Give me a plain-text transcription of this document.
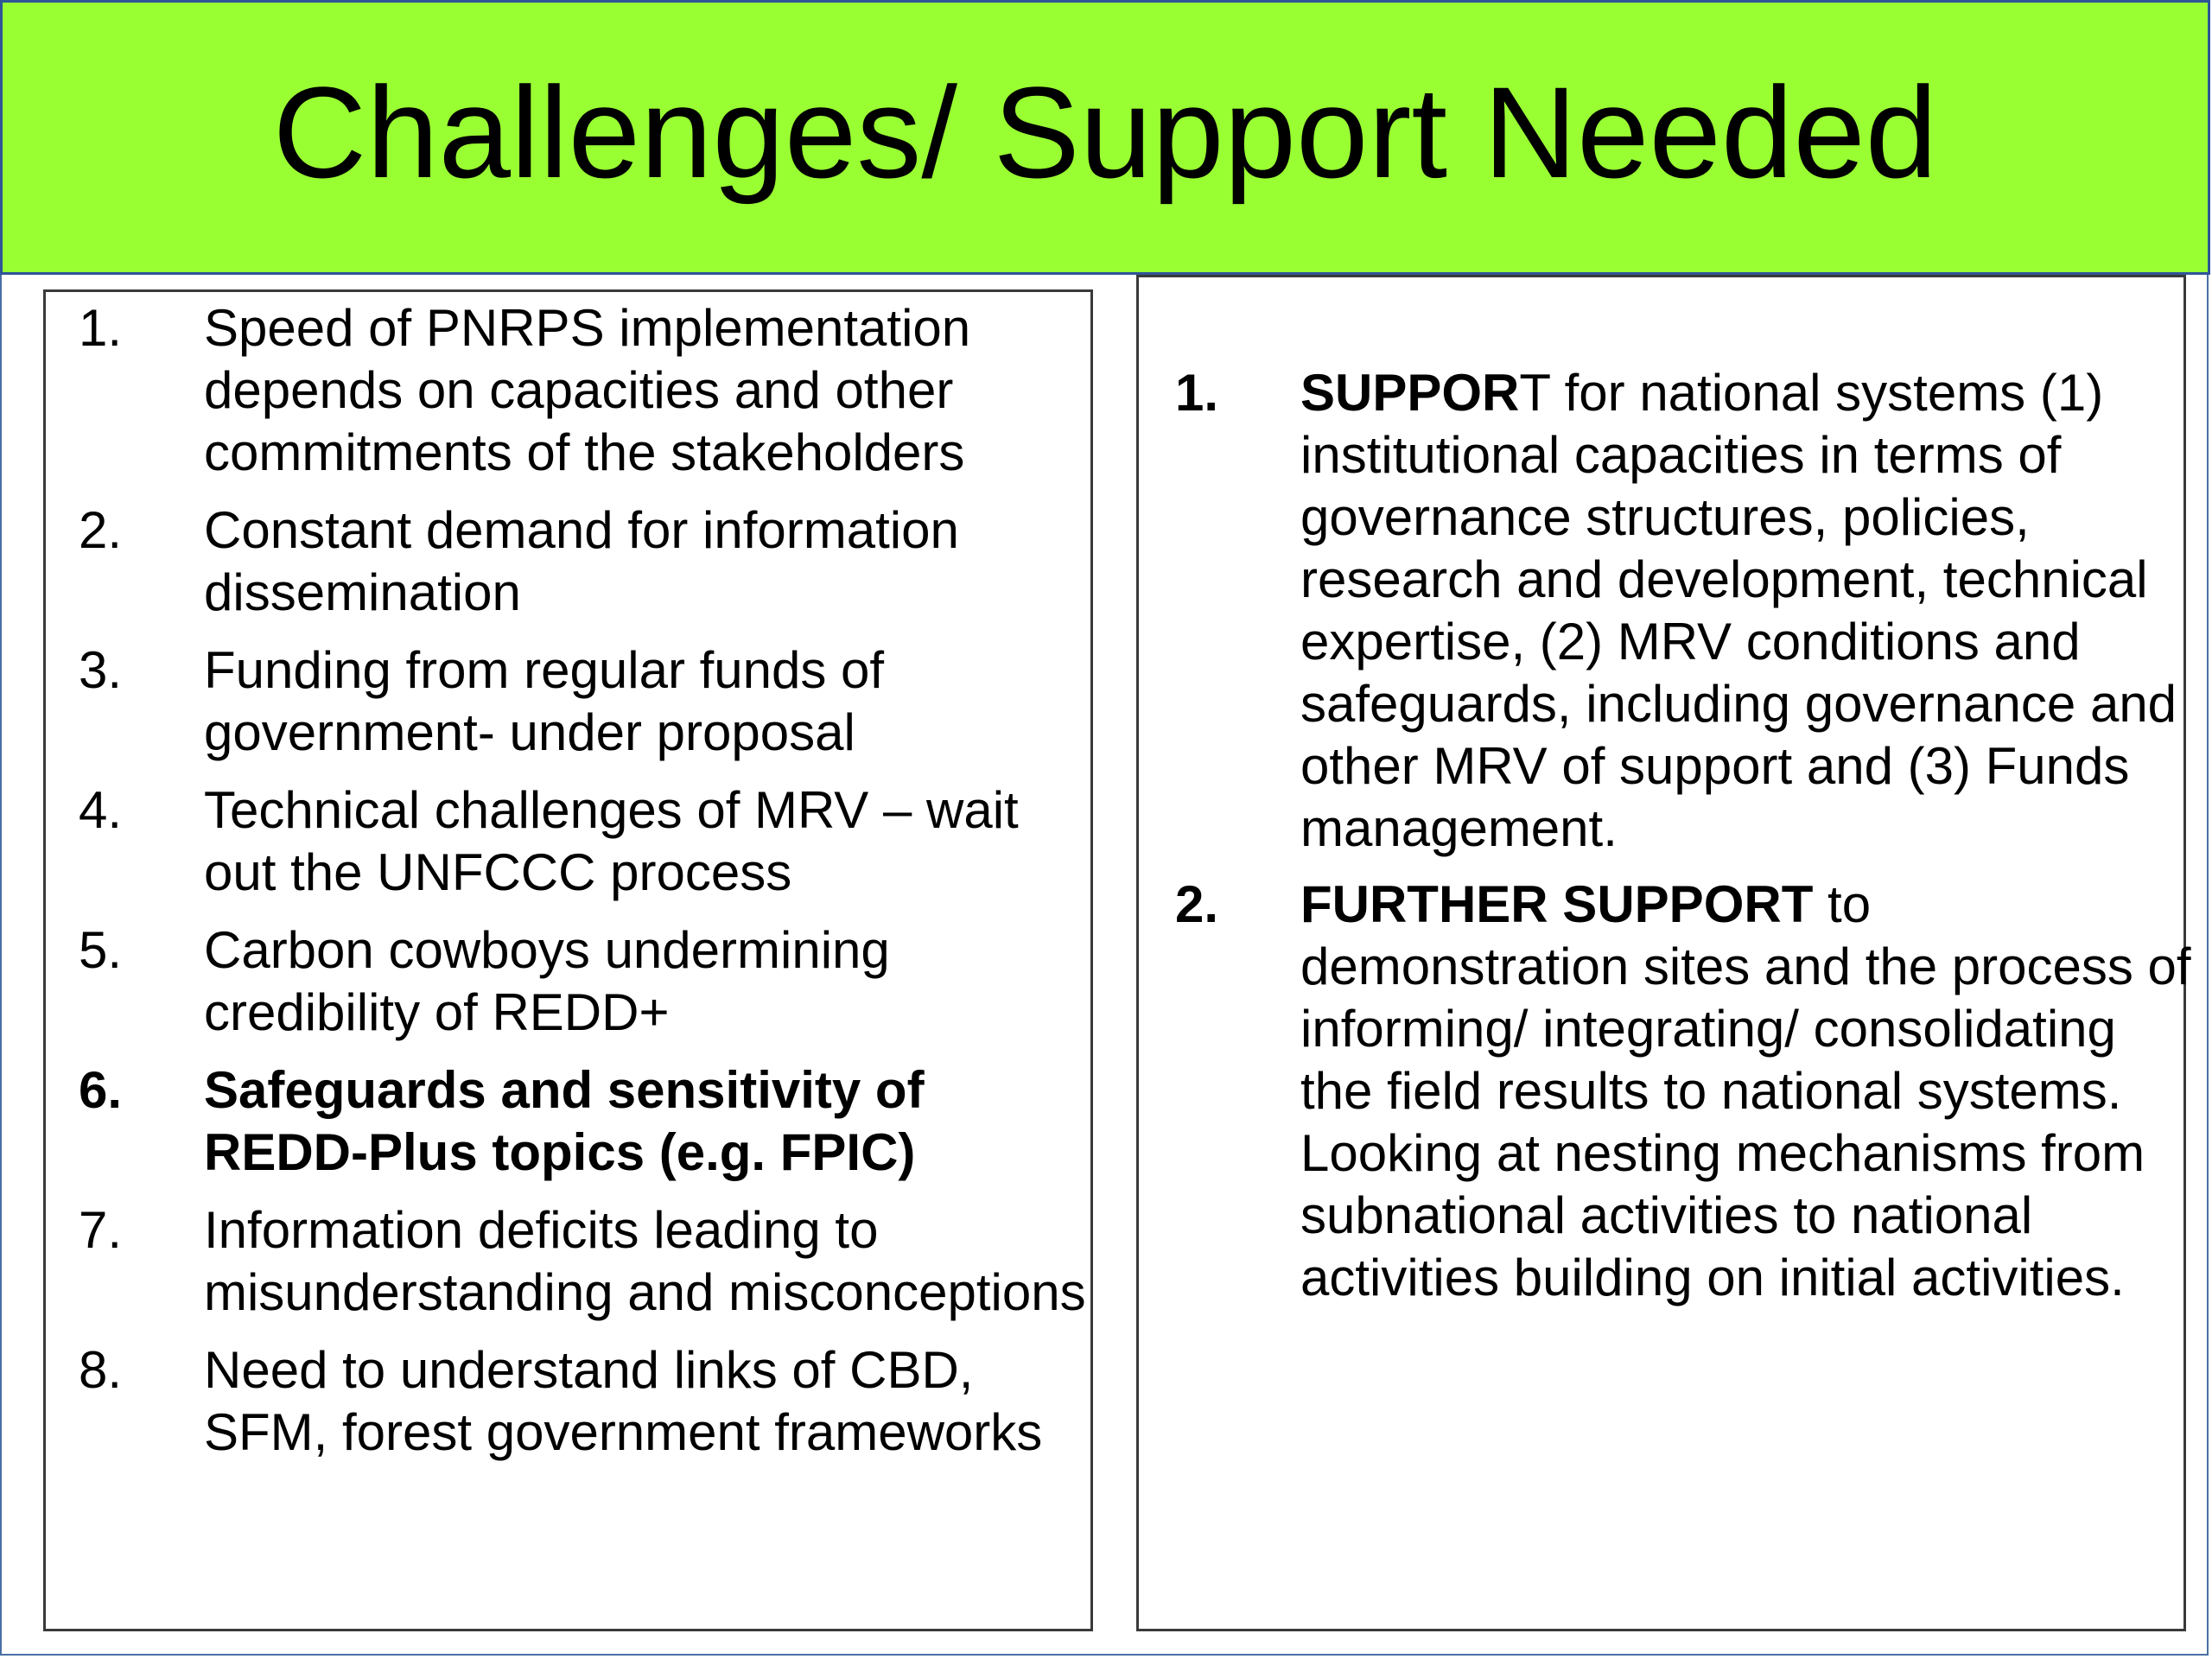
Challenges/ Support Needed
1.	Speed of PNRPS implementation depends on capacities and other commitments of the stakeholders
2.	Constant demand for information dissemination
3.	Funding from regular funds of government- under proposal
4.	Technical challenges of MRV – wait out the UNFCCC process
5.	Carbon cowboys undermining credibility of REDD+
6.	Safeguards and sensitivity of REDD-Plus topics (e.g. FPIC)
7.	Information deficits leading to misunderstanding and misconceptions
8.	Need to understand links of CBD, SFM, forest government frameworks
1.	SUPPORT for national systems (1) institutional capacities in terms of governance structures, policies, research and development, technical expertise, (2) MRV conditions and safeguards, including governance and other MRV of support and (3) Funds management.
2.	FURTHER SUPPORT to demonstration sites and the process of informing/ integrating/ consolidating the field results to national systems. Looking at nesting mechanisms from subnational activities to national activities building on initial activities.
